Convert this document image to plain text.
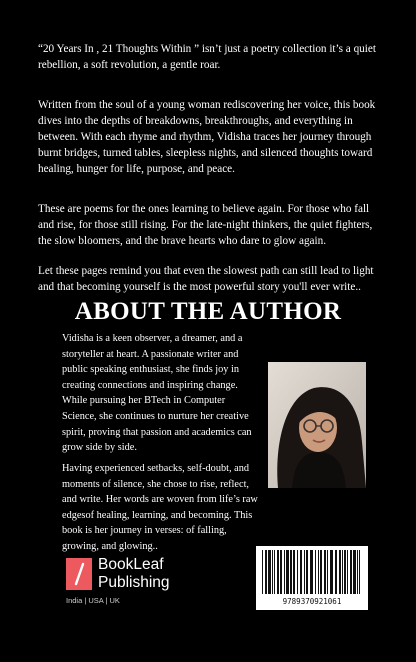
“20 Years In , 21 Thoughts Within ” isn’t just a poetry collection it’s a quiet rebellion, a soft revolution, a gentle roar.

Written from the soul of a young woman rediscovering her voice, this book dives into the depths of breakdowns, breakthroughs, and everything in between. With each rhyme and rhythm, Vidisha traces her journey through burnt bridges, turned tables, sleepless nights, and silenced thoughts toward healing, hunger for life, purpose, and peace.

These are poems for the ones learning to believe again. For those who fall and rise, for those still rising. For the late-night thinkers, the quiet fighters, the slow bloomers, and the brave hearts who dare to glow again.

Let these pages remind you that even the slowest path can still lead to light and that becoming yourself is the most powerful story you'll ever write..

ABOUT THE AUTHOR

Vidisha is a keen observer, a dreamer, and a storyteller at heart. A passionate writer and public speaking enthusiast, she finds joy in creating connections and inspiring change. While pursuing her BTech in Computer Science, she continues to nurture her creative spirit, proving that passion and academics can grow side by side.

Having experienced setbacks, self-doubt, and moments of silence, she chose to rise, reflect, and write. Her words are woven from life’s raw edgesof healing, learning, and becoming. This book is her journey in verses: of falling, growing, and glowing..

BookLeaf

Publishing

India | USA | UK	9789370921061
